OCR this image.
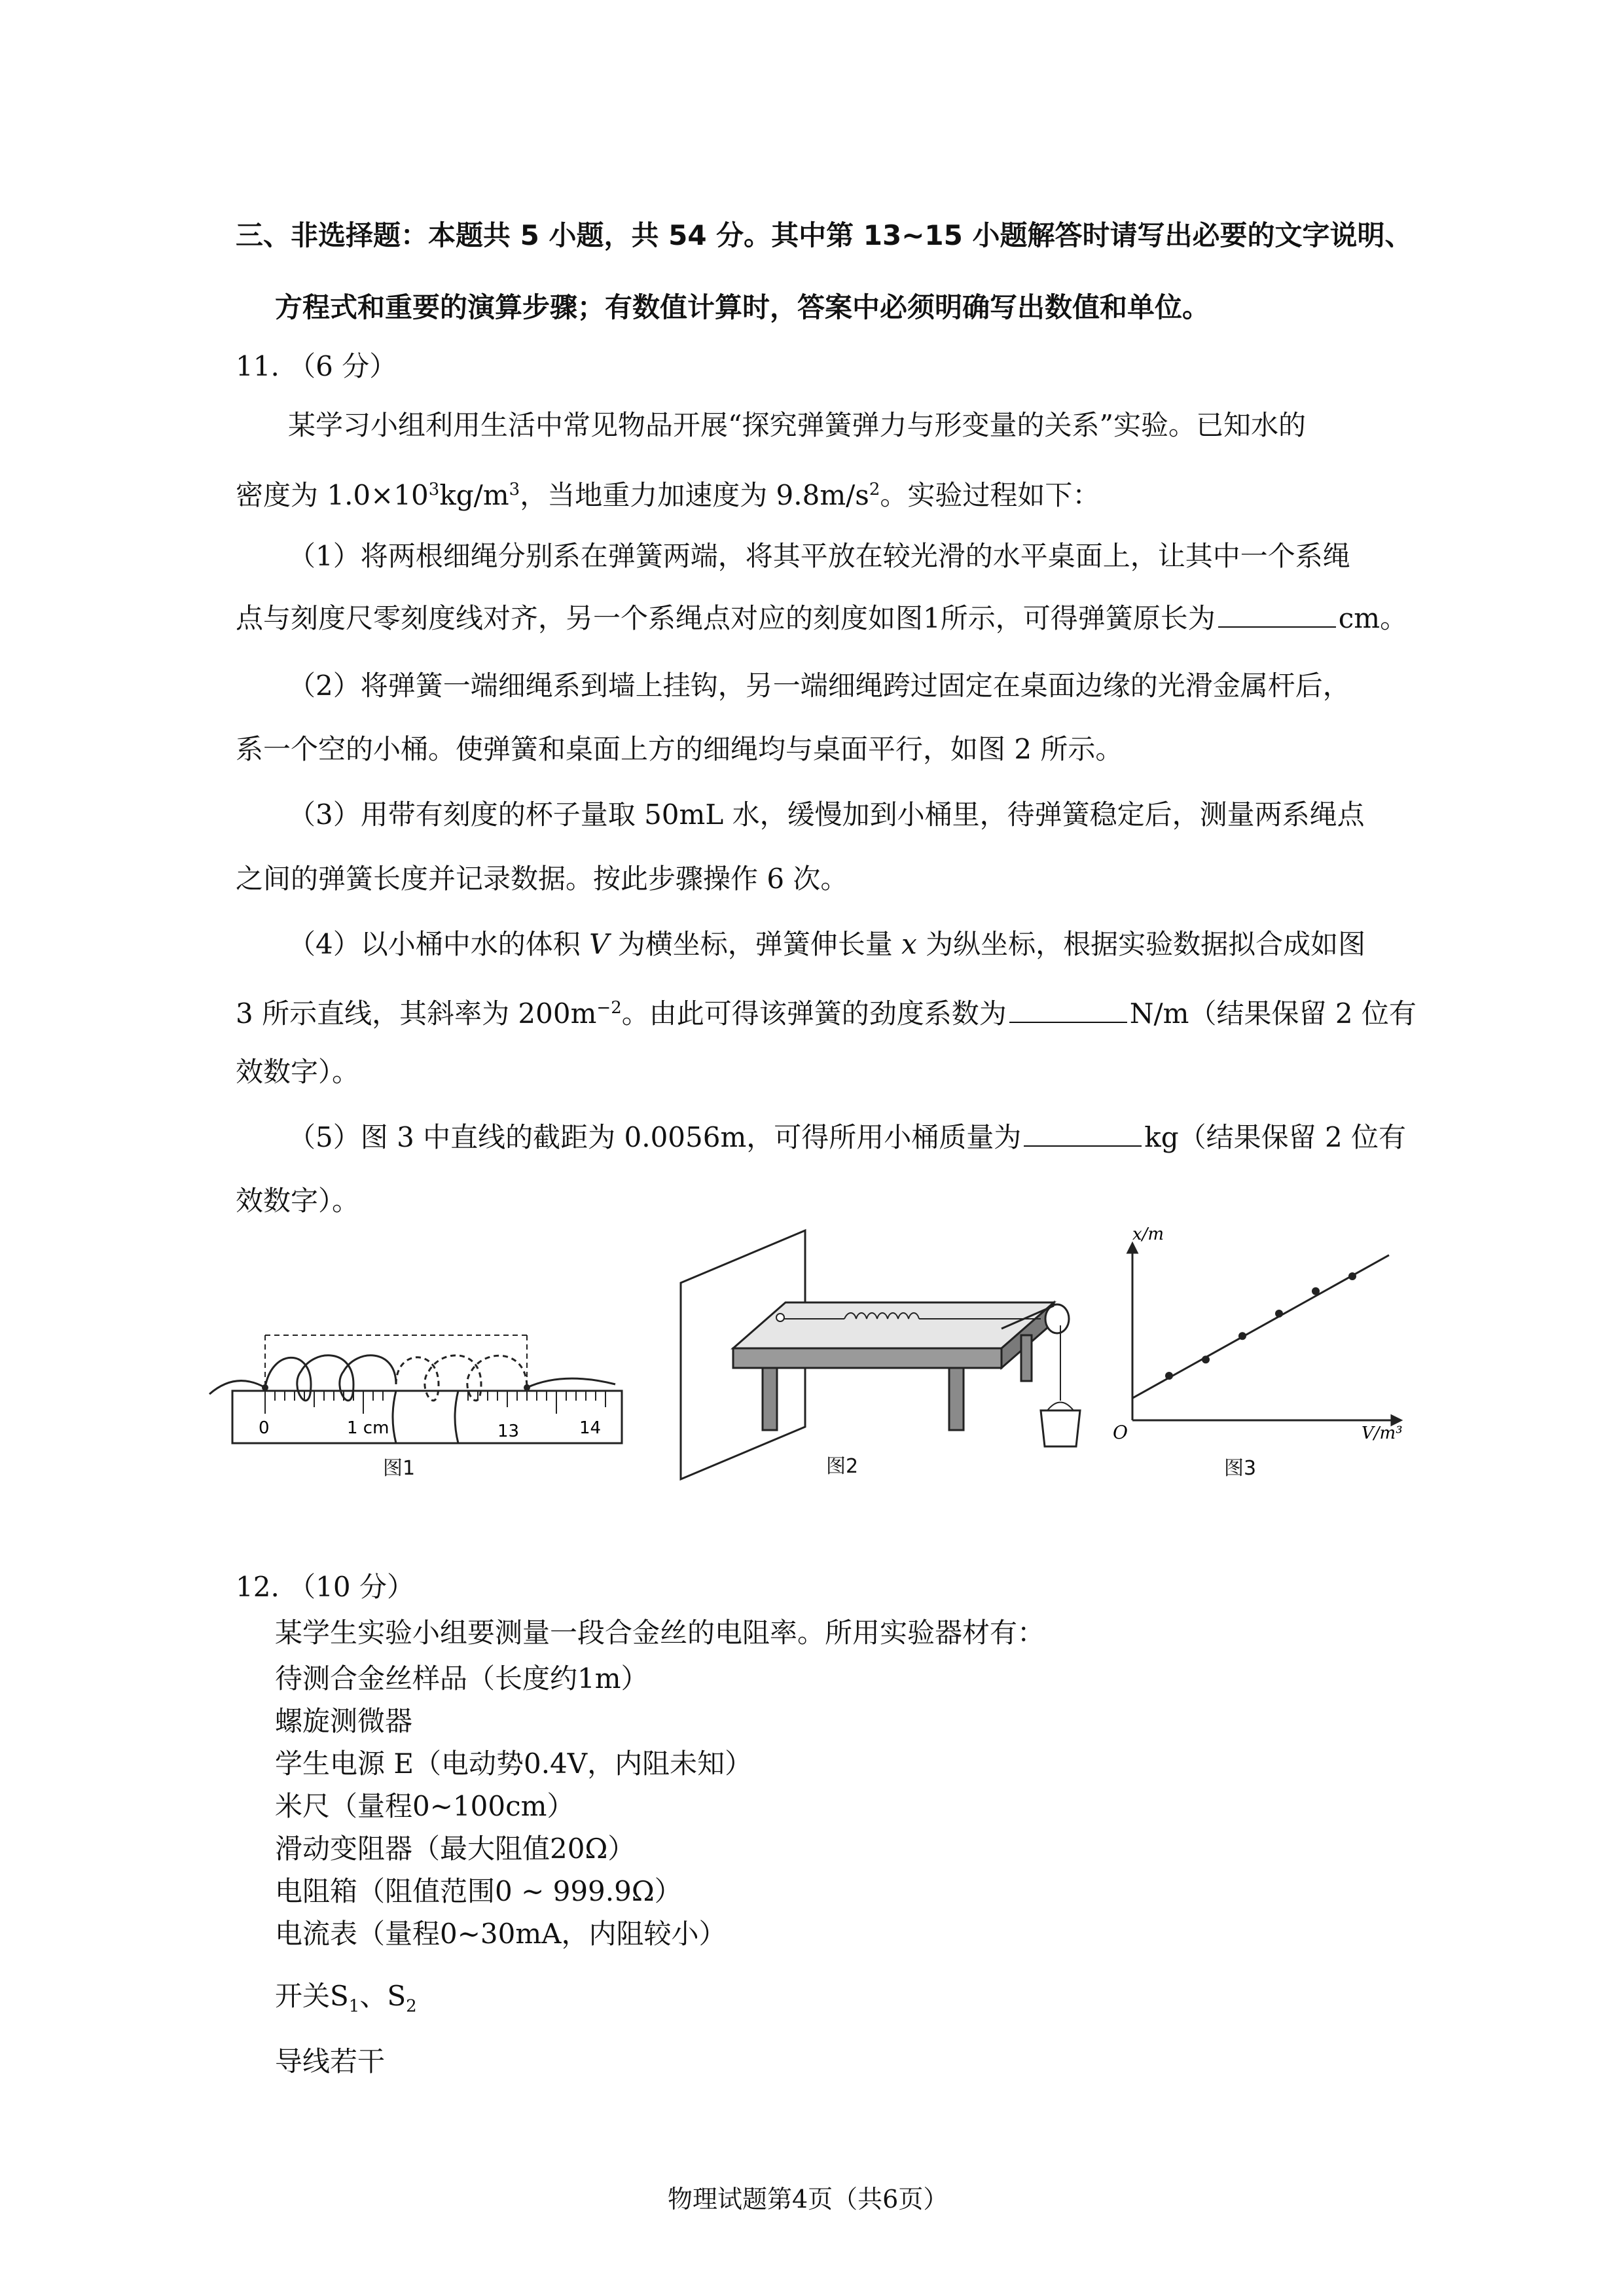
三、非选择题：本题共 5 小题，共 54 分。其中第 13~15 小题解答时请写出必要的文字说明、
方程式和重要的演算步骤；有数值计算时，答案中必须明确写出数值和单位。
11. （6 分）
某学习小组利用生活中常见物品开展“探究弹簧弹力与形变量的关系”实验。已知水的
密度为 $1.0\times 10^3kg/m^3$，当地重力加速度为 $9.8m/s^2$。实验过程如下：
（1）将两根细绳分别系在弹簧两端，将其平放在较光滑的水平桌面上，让其中一个系绳
点与刻度尺零刻度线对齐，另一个系绳点对应的刻度如图1所示，可得弹簧原长为	cm。
（2）将弹簧一端细绳系到墙上挂钩，另一端细绳跨过固定在桌面边缘的光滑金属杆后，
系一个空的小桶。使弹簧和桌面上方的细绳均与桌面平行，如图 2 所示。
（3）用带有刻度的杯子量取 50mL 水，缓慢加到小桶里，待弹簧稳定后，测量两系绳点
之间的弹簧长度并记录数据。按此步骤操作 6 次。
（4）以小桶中水的体积 V 为横坐标，弹簧伸长量 x 为纵坐标，根据实验数据拟合成如图
3 所示直线，其斜率为 $200m^{-2}$。由此可得该弹簧的劲度系数为	N/m（结果保留 2 位有
效数字）。
（5）图 3 中直线的截距为 0.0056m，可得所用小桶质量为	kg（结果保留 2 位有
效数字）。
0	1 cm	13	14
图1	图2
x/m
V/m³
O
图3
12. （10 分）
某学生实验小组要测量一段合金丝的电阻率。所用实验器材有：
待测合金丝样品（长度约1m）
螺旋测微器
学生电源 E（电动势0.4V，内阻未知）
米尺（量程0~100cm）
滑动变阻器（最大阻值20Ω）
电阻箱（阻值范围0 ~ 999.9Ω）
电流表（量程0~30mA，内阻较小）
开关$S_1$、$S_2$
导线若干
物理试题第4页（共6页）
